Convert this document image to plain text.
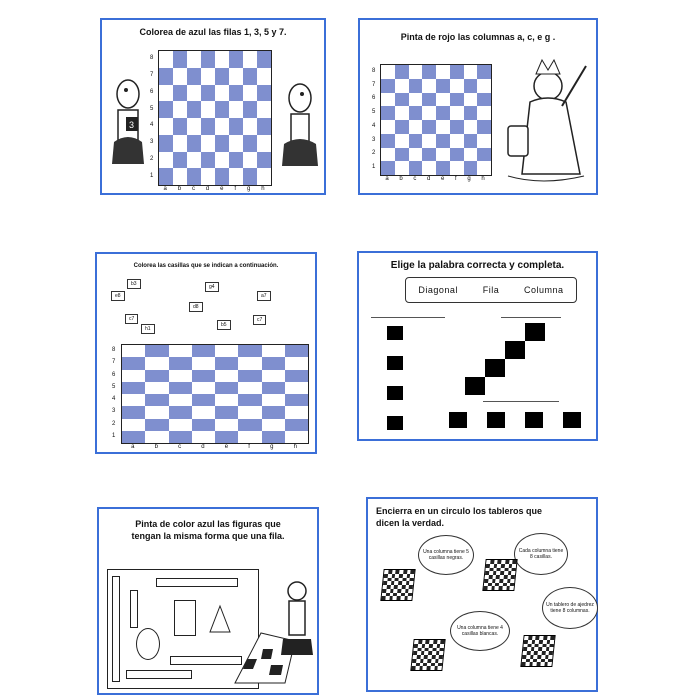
Colorea de azul las filas 1, 3, 5 y 7.
8
7
6
5
4
3
2
1
a b c d e f g h
3
Pinta de rojo las columnas a, c, e g .
8
7
6
5
4
3
2
1
a b c d e f g h
Colorea las casillas que se indican a continuación.
b3	g4
e8	a7
d8
c7
h1
b5
c7
8
7
6
5
4
3
2
1
a	b	c	d	e	f	g	h
Elige la palabra correcta y completa.
Diagonal	Fila	Columna
Pinta de color azul las figuras que tengan la misma forma que una fila.
Encierra en un circulo los tableros que dicen la verdad.
Una columna tiene 5 casillas negras.
Cada columna tiene 8 casillas.
Un tablero de ajedrez tiene 8 columnas.
Una columna tiene 4 casillas blancas.
